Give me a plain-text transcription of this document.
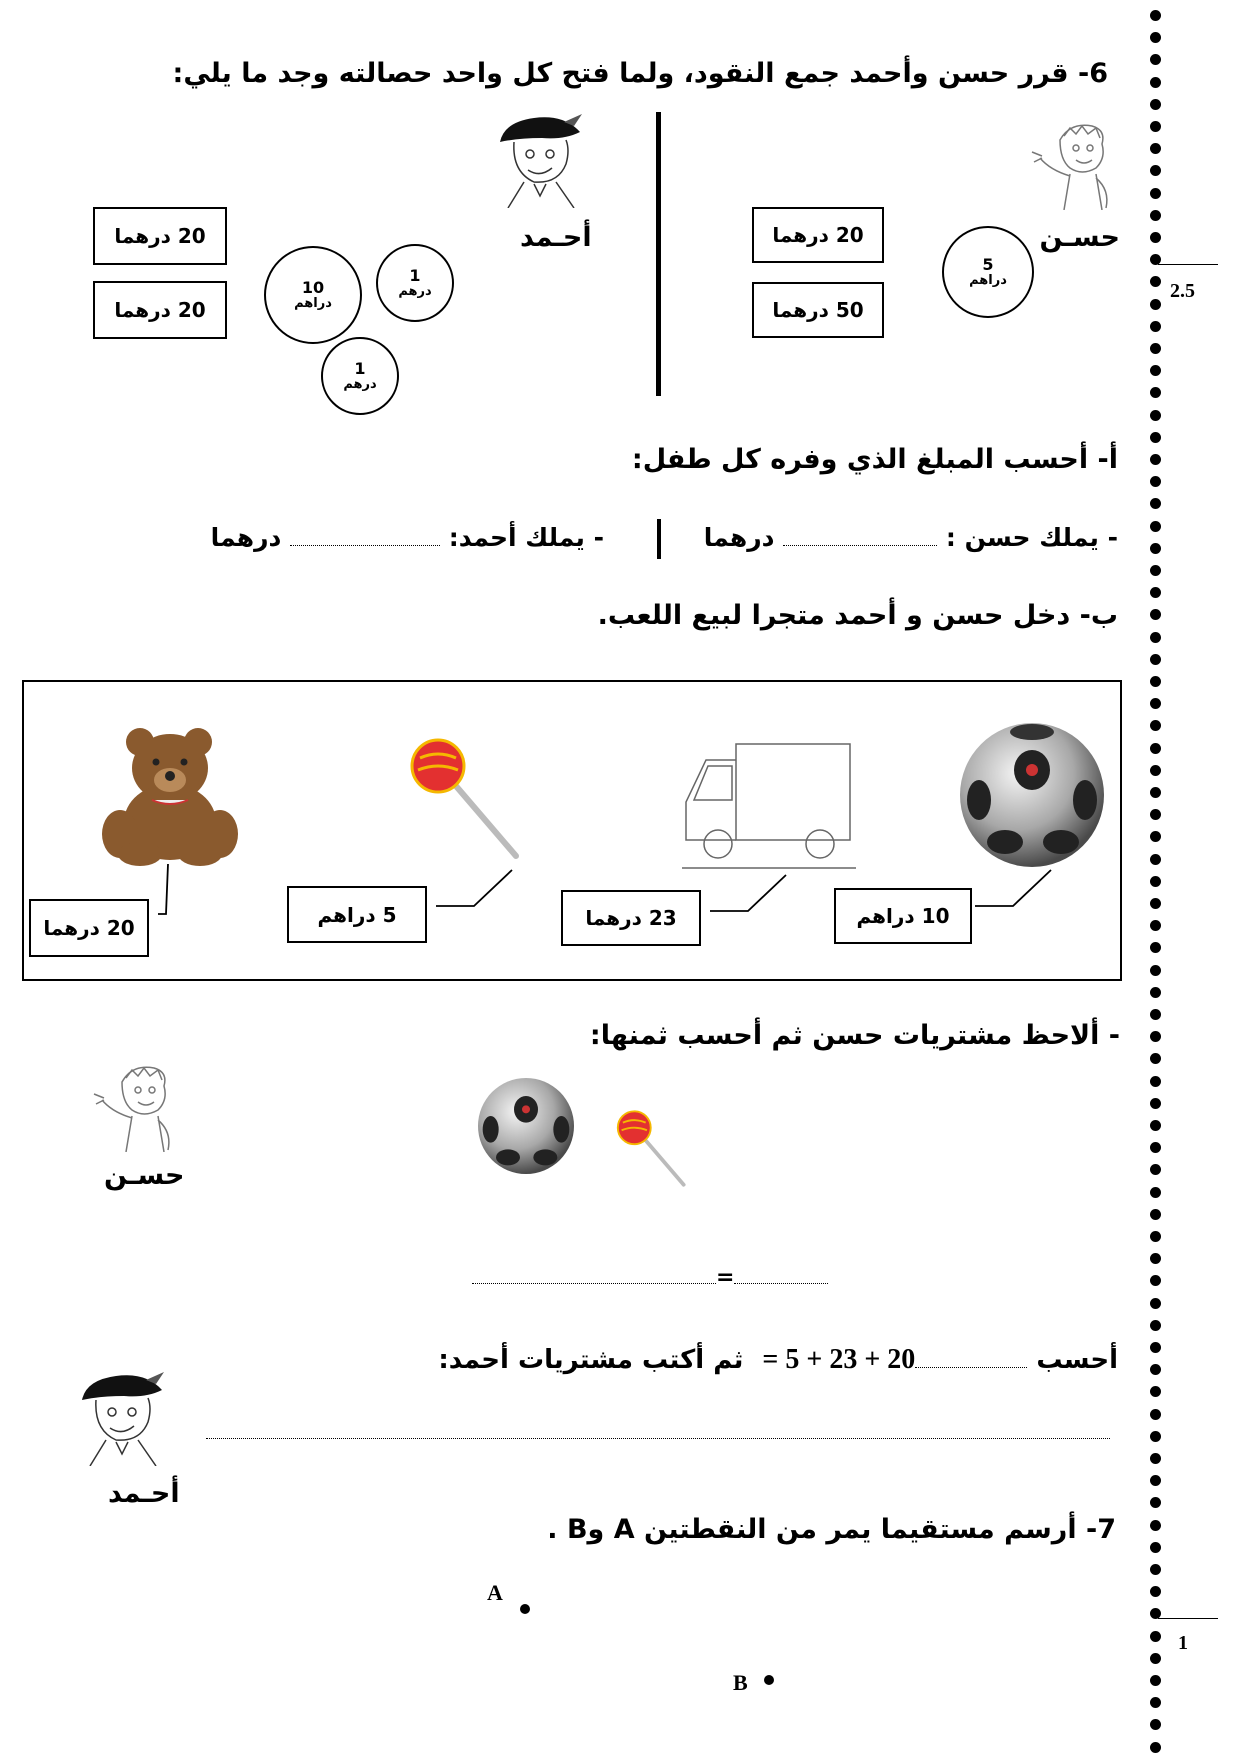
2.5
1
6- قرر حسن وأحمد جمع النقود، ولما فتح كل واحد حصالته وجد ما يلي:
حسـن
20 درهما
50 درهما
5
دراهم
أحـمد
20 درهما
20 درهما
10
دراهم
1
درهم
1
درهم
أ- أحسب المبلغ الذي وفره كل طفل:
- يملك حسن :  درهما
- يملك أحمد:  درهما
ب- دخل حسن و أحمد متجرا لبيع اللعب.
10 دراهم
23 درهما
5 دراهم
20 درهما
- ألاحظ مشتريات حسن ثم أحسب ثمنها:
حسـن
=
أحسب = 5 + 23 + 20 ثم أكتب مشتريات أحمد:
أحـمد
7- أرسم مستقيما يمر من النقطتين A وB .
A
B
